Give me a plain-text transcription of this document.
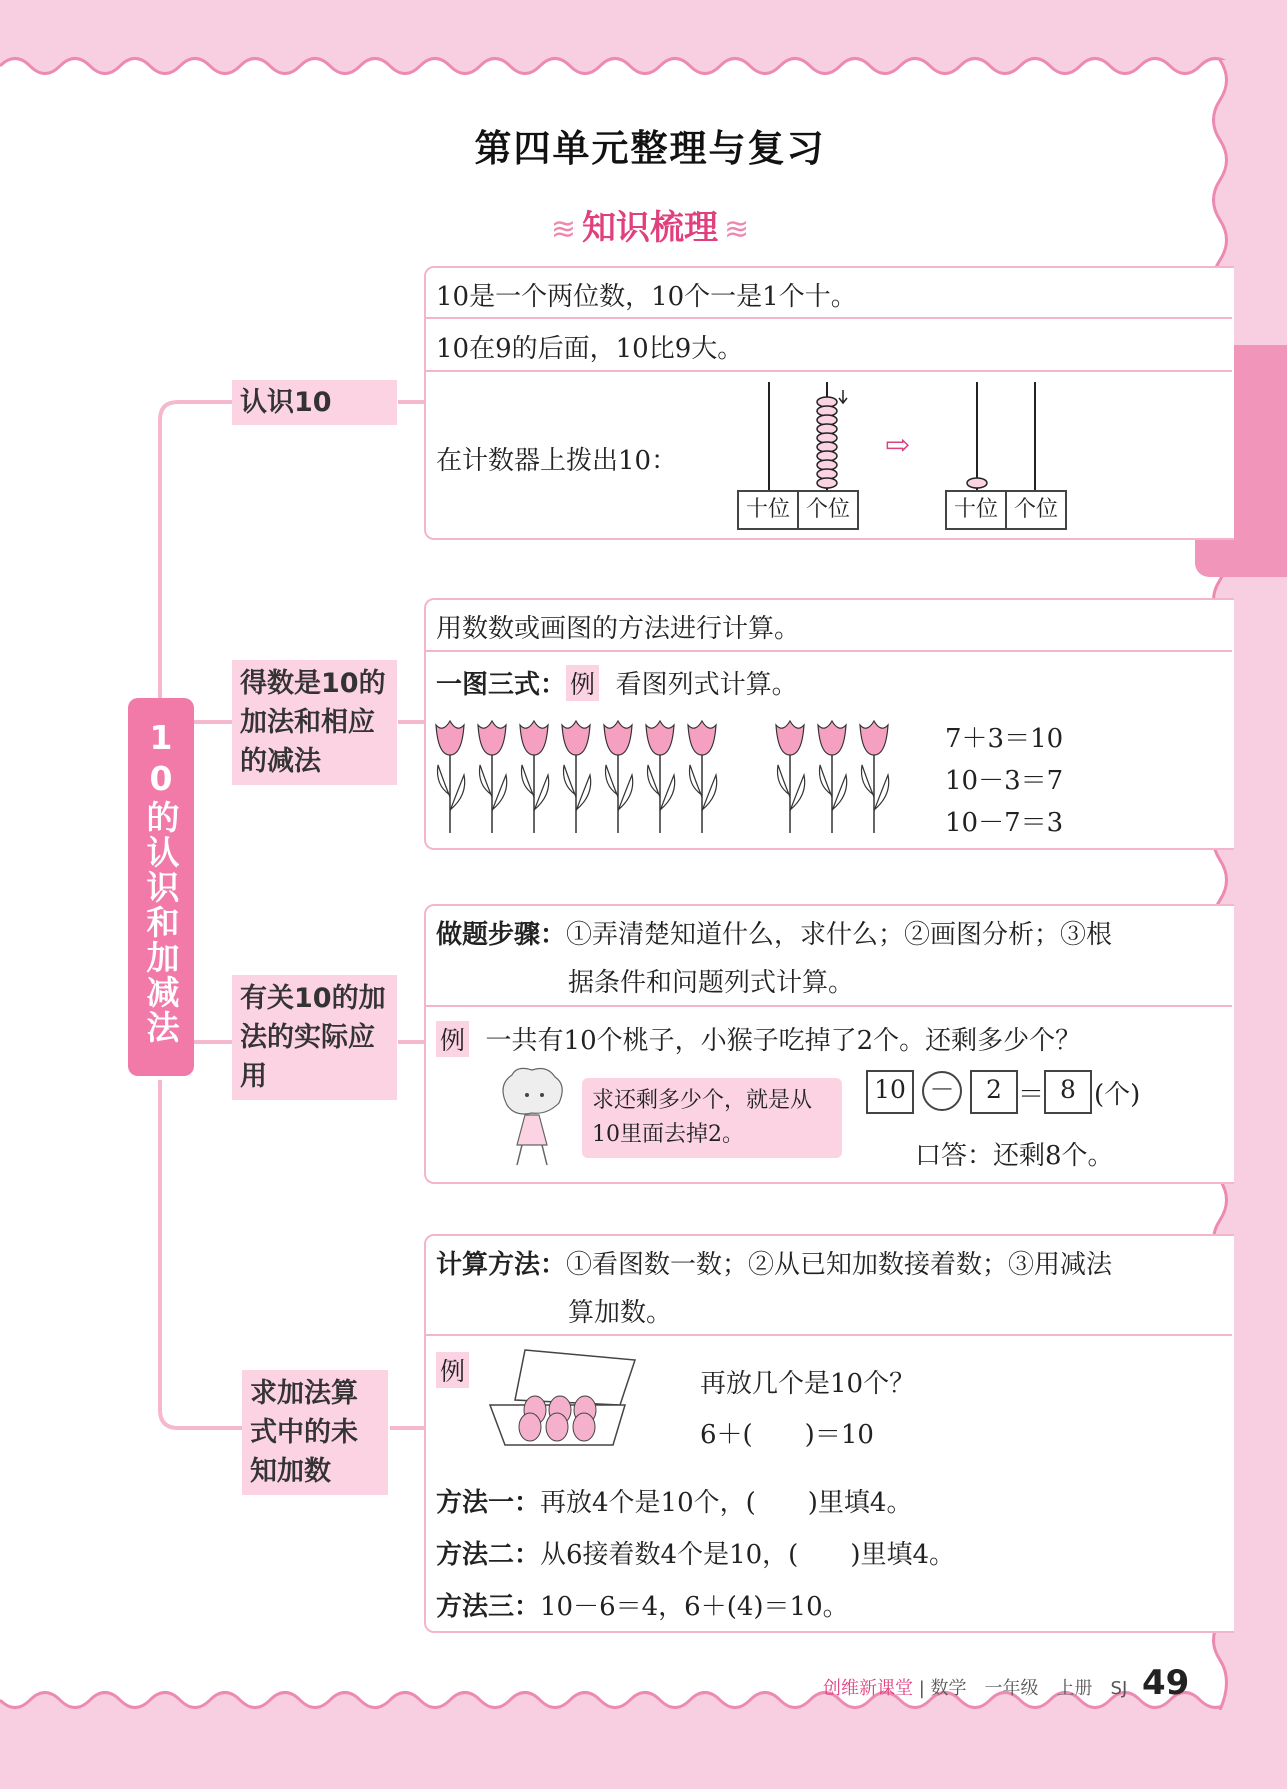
第四单元整理与复习
≋ 知识梳理 ≋
10的认识和加减法
认识10
得数是10的加法和相应的减法
有关10的加法的实际应用
求加法算式中的未知加数
10是一个两位数，10个一是1个十。
10在9的后面，10比9大。
在计数器上拨出10：
十位 个位
⇨
十位 个位
用数数或画图的方法进行计算。
一图三式： 例 看图列式计算。
7＋3＝10
10－3＝7
10－7＝3
做题步骤：①弄清楚知道什么，求什么；②画图分析；③根
据条件和问题列式计算。
例 一共有10个桃子，小猴子吃掉了2个。还剩多少个？
求还剩多少个，就是从10里面去掉2。
10 －	2 ＝ 8 (个)
口答：还剩8个。
计算方法：①看图数一数；②从已知加数接着数；③用减法
算加数。
例	再放几个是10个？
6＋(　　)＝10
方法一：再放4个是10个，(　　)里填4。
方法二：从6接着数4个是10，(　　)里填4。
方法三：10－6＝4，6＋(4)＝10。
创维新课堂 | 数学　一年级　上册　SJ 49
